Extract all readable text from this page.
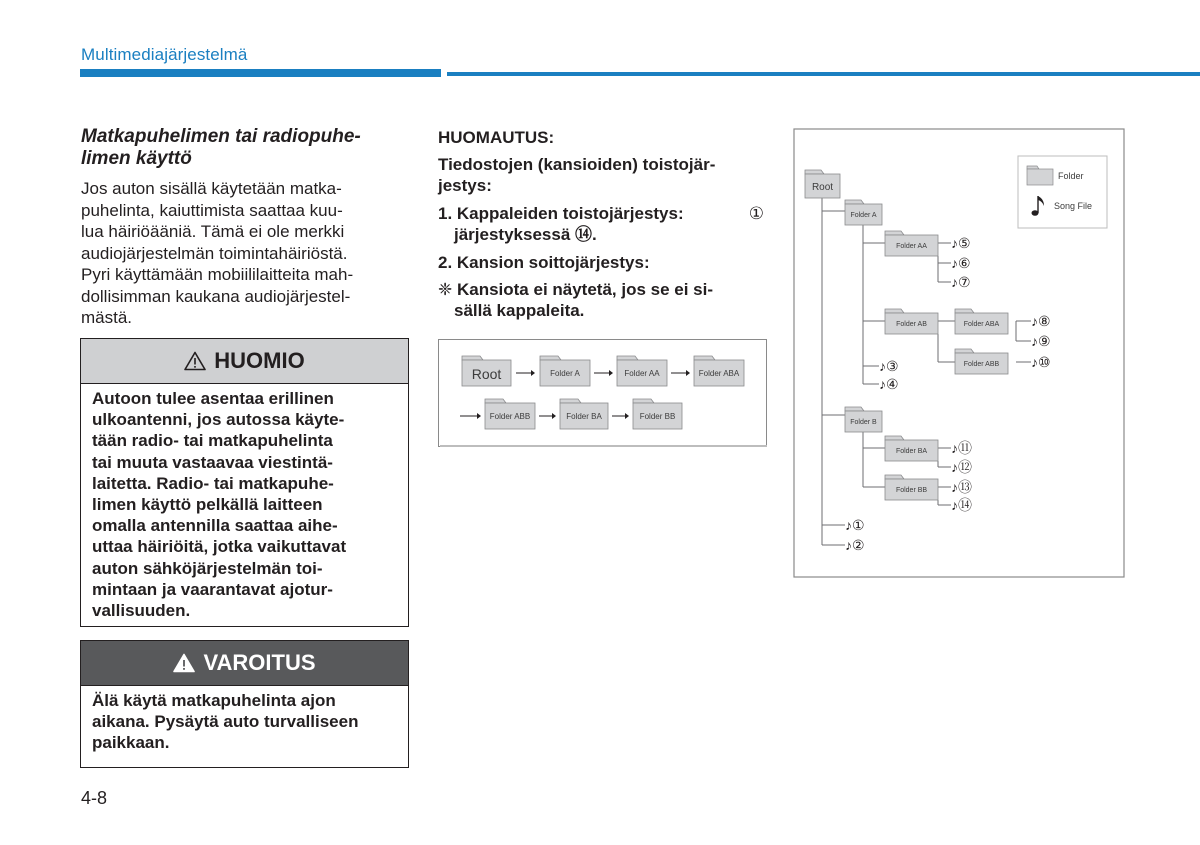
Multimediajärjestelmä
Matkapuhelimen tai radiopuhe-
limen käyttö
Jos auton sisällä käytetään matka-
puhelinta, kaiuttimista saattaa kuu-
lua häiriöääniä. Tämä ei ole merkki
audiojärjestelmän toimintahäiriöstä.
Pyri käyttämään mobiililaitteita mah-
dollisimman kaukana audiojärjestel-
mästä.
HUOMIO
Autoon tulee asentaa erillinen
ulkoantenni, jos autossa käyte-
tään radio- tai matkapuhelinta
tai muuta vastaavaa viestintä-
laitetta. Radio- tai matkapuhe-
limen käyttö pelkällä laitteen
omalla antennilla saattaa aihe-
uttaa häiriöitä, jotka vaikuttavat
auton sähköjärjestelmän toi-
mintaan ja vaarantavat ajotur-
vallisuuden.
VAROITUS
Älä käytä matkapuhelinta ajon
aikana. Pysäytä auto turvalliseen
paikkaan.
4-8
HUOMAUTUS:
Tiedostojen (kansioiden) toistojär-
jestys:
1. Kappaleiden toistojärjestys:	①
järjestyksessä ⑭.
2. Kansion soittojärjestys:
❈ Kansiota ei näytetä, jos se ei si-
sällä kappaleita.
Root	Folder A	Folder AA	Folder ABA
Folder ABB	Folder BA	Folder BB
Folder
Song File
Root
Folder A
Folder AA
Folder AB	Folder ABA
Folder ABB
Folder B
Folder BA
Folder BB
♪⑤
♪⑥
♪⑦
♪⑧
♪⑨
♪⑩
♪③
♪④
♪⑪
♪⑫
♪⑬
♪⑭
♪①
♪②
